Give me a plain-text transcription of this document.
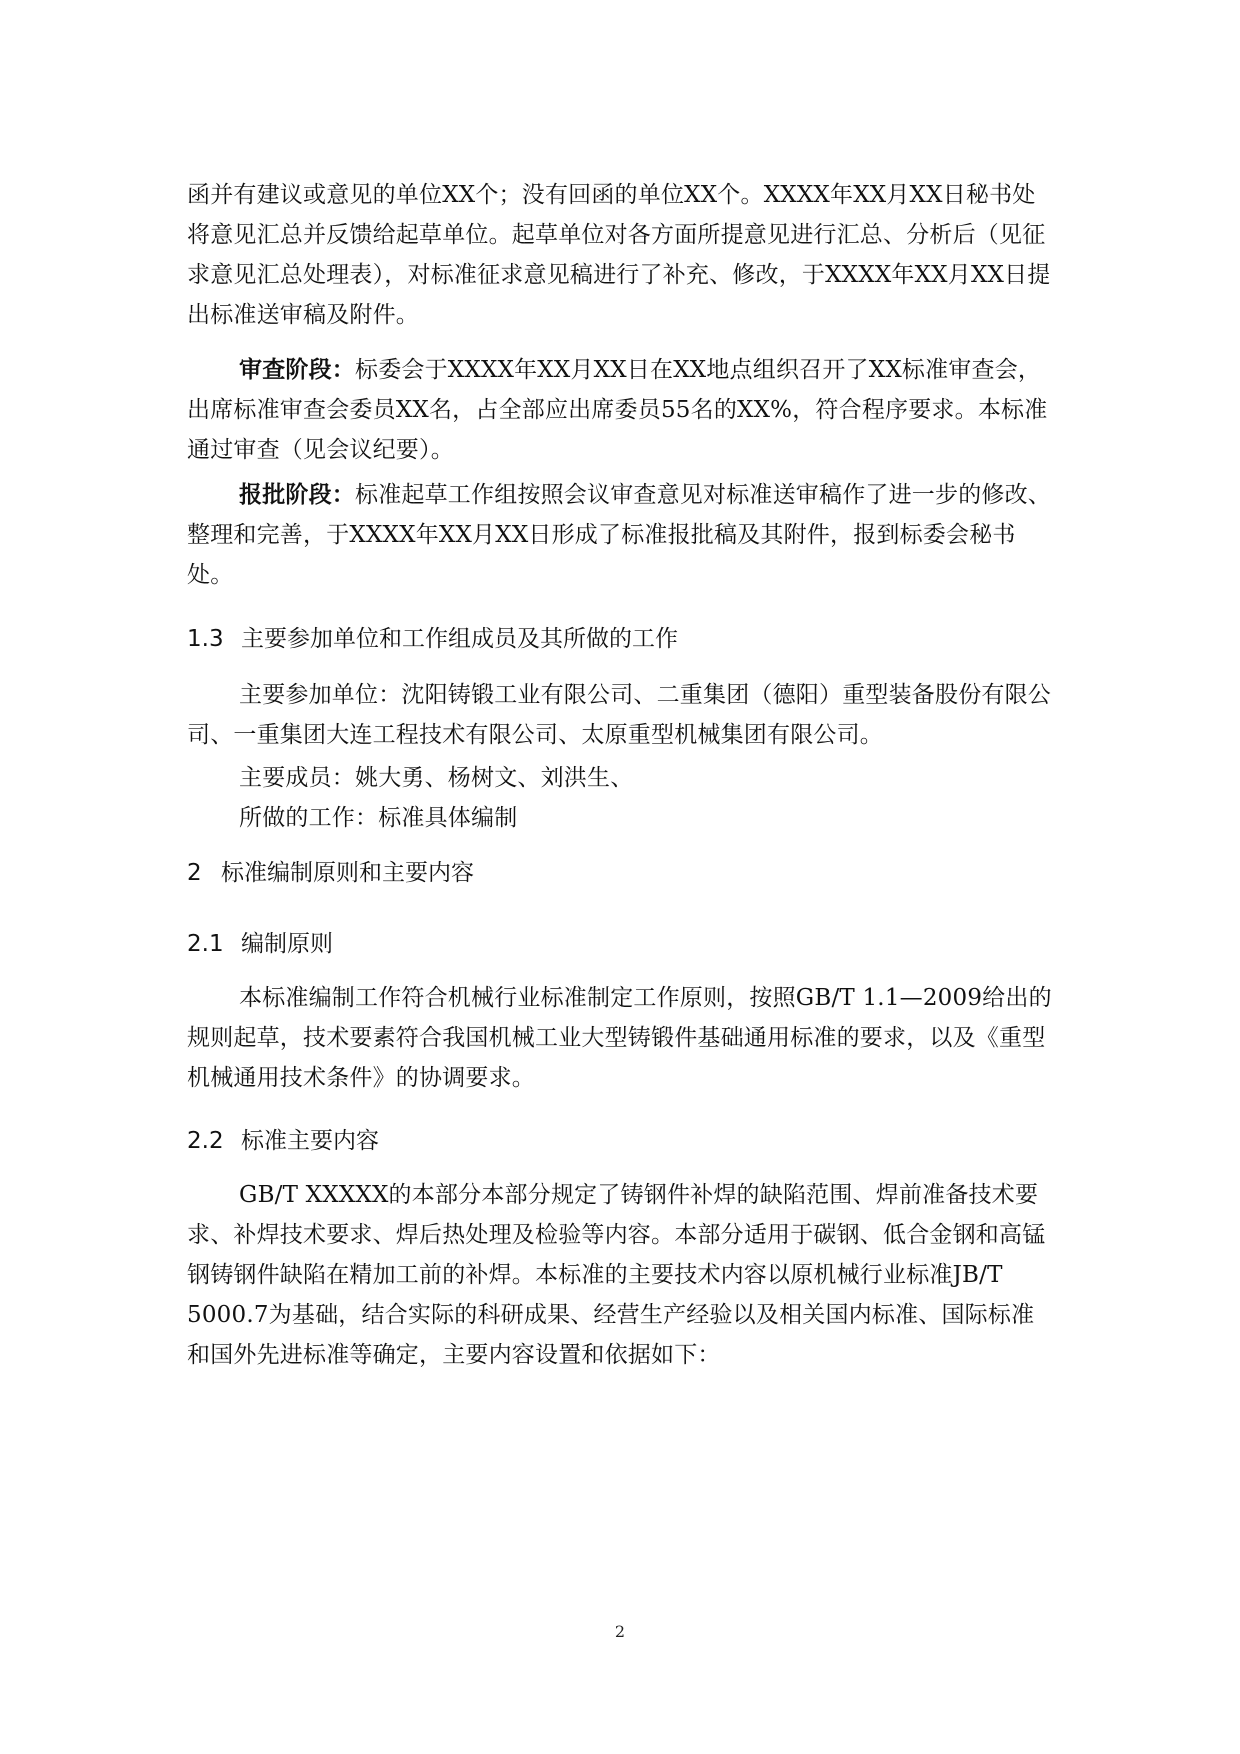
函并有建议或意见的单位XX个；没有回函的单位XX个。XXXX年XX月XX日秘书处将意见汇总并反馈给起草单位。起草单位对各方面所提意见进行汇总、分析后（见征求意见汇总处理表），对标准征求意见稿进行了补充、修改，于XXXX年XX月XX日提出标准送审稿及附件。

审查阶段：标委会于XXXX年XX月XX日在XX地点组织召开了XX标准审查会，出席标准审查会委员XX名，占全部应出席委员55名的XX%，符合程序要求。本标准通过审查（见会议纪要）。

报批阶段：标准起草工作组按照会议审查意见对标准送审稿作了进一步的修改、整理和完善，于XXXX年XX月XX日形成了标准报批稿及其附件，报到标委会秘书处。

1.3 主要参加单位和工作组成员及其所做的工作

主要参加单位：沈阳铸锻工业有限公司、二重集团（德阳）重型装备股份有限公司、一重集团大连工程技术有限公司、太原重型机械集团有限公司。

主要成员：姚大勇、杨树文、刘洪生、

所做的工作：标准具体编制

2 标准编制原则和主要内容
2.1 编制原则

本标准编制工作符合机械行业标准制定工作原则，按照GB/T 1.1—2009给出的规则起草，技术要素符合我国机械工业大型铸锻件基础通用标准的要求，以及《重型机械通用技术条件》的协调要求。

2.2 标准主要内容

GB/T XXXXX的本部分本部分规定了铸钢件补焊的缺陷范围、焊前准备技术要求、补焊技术要求、焊后热处理及检验等内容。本部分适用于碳钢、低合金钢和高锰钢铸钢件缺陷在精加工前的补焊。本标准的主要技术内容以原机械行业标准JB/T 5000.7为基础，结合实际的科研成果、经营生产经验以及相关国内标准、国际标准和国外先进标准等确定，主要内容设置和依据如下：

2
